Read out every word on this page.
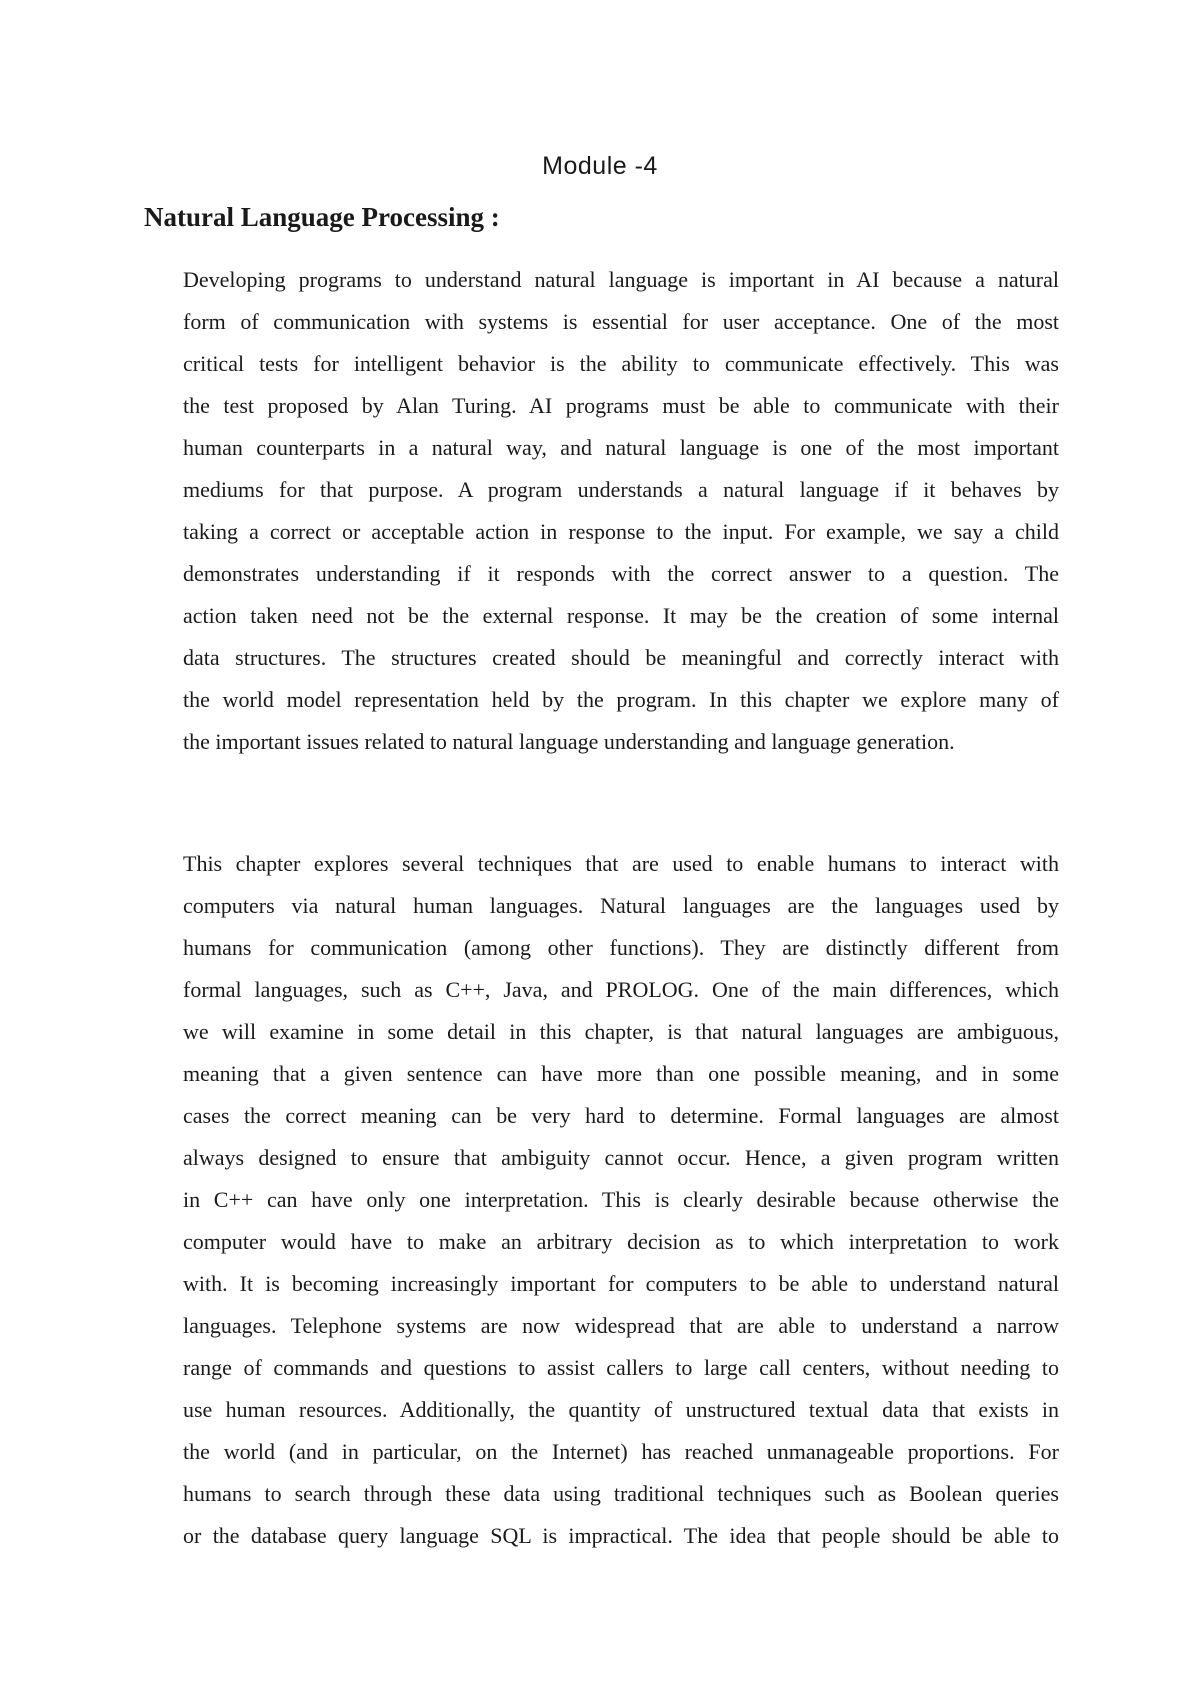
Module -4
Natural Language Processing :

Developing programs to understand natural language is important in AI because a natural
form of communication with systems is essential for user acceptance. One of the most
critical tests for intelligent behavior is the ability to communicate effectively. This was
the test proposed by Alan Turing. AI programs must be able to communicate with their
human counterparts in a natural way, and natural language is one of the most important
mediums for that purpose. A program understands a natural language if it behaves by
taking a correct or acceptable action in response to the input. For example, we say a child
demonstrates understanding if it responds with the correct answer to a question. The
action taken need not be the external response. It may be the creation of some internal
data structures. The structures created should be meaningful and correctly interact with
the world model representation held by the program. In this chapter we explore many of
the important issues related to natural language understanding and language generation.

This chapter explores several techniques that are used to enable humans to interact with
computers via natural human languages. Natural languages are the languages used by
humans for communication (among other functions). They are distinctly different from
formal languages, such as C++, Java, and PROLOG. One of the main differences, which
we will examine in some detail in this chapter, is that natural languages are ambiguous,
meaning that a given sentence can have more than one possible meaning, and in some
cases the correct meaning can be very hard to determine. Formal languages are almost
always designed to ensure that ambiguity cannot occur. Hence, a given program written
in C++ can have only one interpretation. This is clearly desirable because otherwise the
computer would have to make an arbitrary decision as to which interpretation to work
with. It is becoming increasingly important for computers to be able to understand natural
languages. Telephone systems are now widespread that are able to understand a narrow
range of commands and questions to assist callers to large call centers, without needing to
use human resources. Additionally, the quantity of unstructured textual data that exists in
the world (and in particular, on the Internet) has reached unmanageable proportions. For
humans to search through these data using traditional techniques such as Boolean queries
or the database query language SQL is impractical. The idea that people should be able to
